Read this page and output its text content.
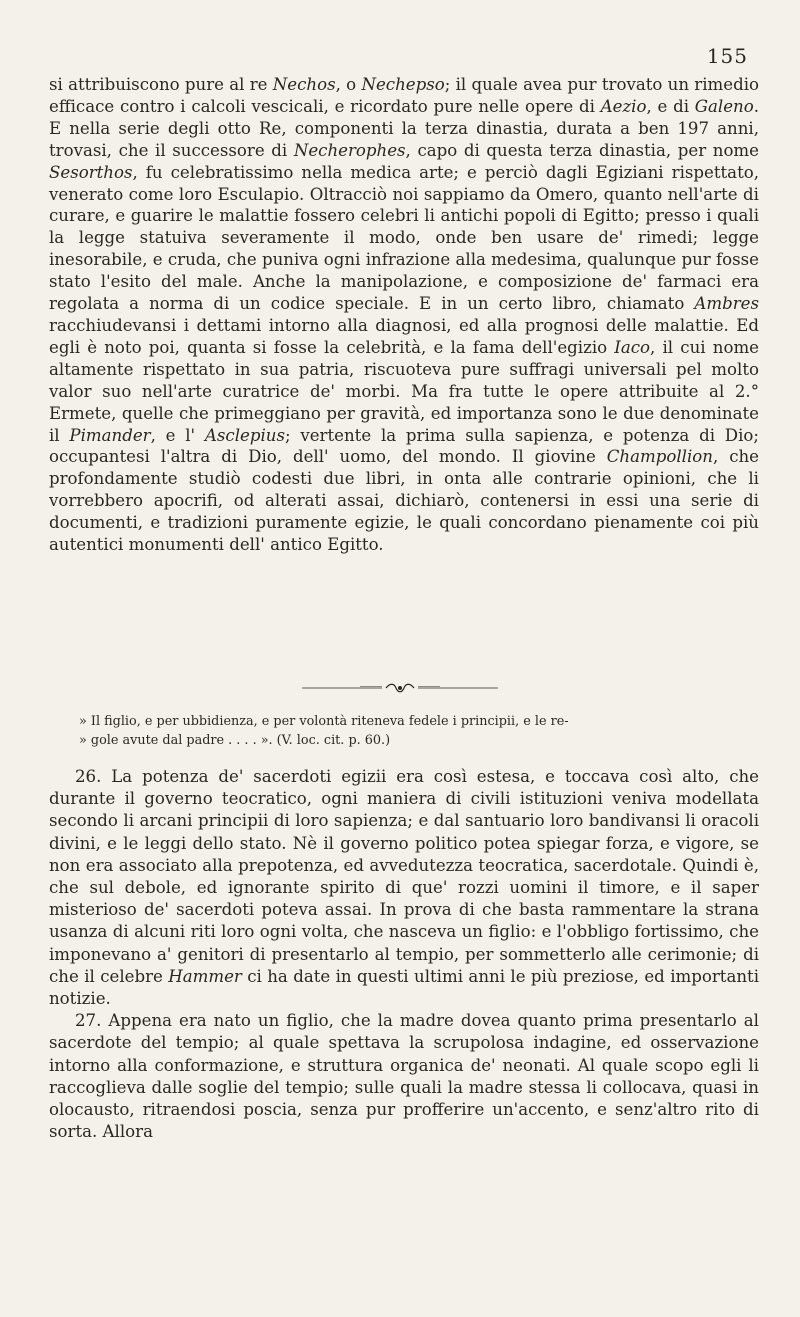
155

si attribuiscono pure al re Nechos, o Nechepso; il quale avea pur trovato un rimedio efficace contro i calcoli vescicali, e ricordato pure nelle opere di Aezio, e di Galeno. E nella serie degli otto Re, componenti la terza dinastia, durata a ben 197 anni, trovasi, che il successore di Necherophes, capo di questa terza dinastia, per nome Sesorthos, fu celebratissimo nella medica arte; e perciò dagli Egiziani rispettato, venerato come loro Esculapio. Oltracciò noi sappiamo da Omero, quanto nell'arte di curare, e guarire le malattie fossero celebri li antichi popoli di Egitto; presso i quali la legge statuiva severamente il modo, onde ben usare de' rimedi; legge inesorabile, e cruda, che puniva ogni infrazione alla medesima, qualunque pur fosse stato l'esito del male. Anche la manipolazione, e composizione de' farmaci era regolata a norma di un codice speciale. E in un certo libro, chiamato Ambres racchiudevansi i dettami intorno alla diagnosi, ed alla prognosi delle malattie. Ed egli è noto poi, quanta si fosse la celebrità, e la fama dell'egizio Iaco, il cui nome altamente rispettato in sua patria, riscuoteva pure suffragi universali pel molto valor suo nell'arte curatrice de' morbi. Ma fra tutte le opere attribuite al 2.° Ermete, quelle che primeggiano per gravità, ed importanza sono le due denominate il Pimander, e l' Asclepius; vertente la prima sulla sapienza, e potenza di Dio; occupantesi l'altra di Dio, dell' uomo, del mondo. Il giovine Champollion, che profondamente studiò codesti due libri, in onta alle contrarie opinioni, che li vorrebbero apocrifi, od alterati assai, dichiarò, contenersi in essi una serie di documenti, e tradizioni puramente egizie, le quali concordano pienamente coi più autentici monumenti dell' antico Egitto.

» Il figlio, e per ubbidienza, e per volontà riteneva fedele i principii, e le re-

» gole avute dal padre . . . . ». (V. loc. cit. p. 60.)

26. La potenza de' sacerdoti egizii era così estesa, e toccava così alto, che durante il governo teocratico, ogni maniera di civili istituzioni veniva modellata secondo li arcani principii di loro sapienza; e dal santuario loro bandivansi li oracoli divini, e le leggi dello stato. Nè il governo politico potea spiegar forza, e vigore, se non era associato alla prepotenza, ed avvedutezza teocratica, sacerdotale. Quindi è, che sul debole, ed ignorante spirito di que' rozzi uomini il timore, e il saper misterioso de' sacerdoti poteva assai. In prova di che basta rammentare la strana usanza di alcuni riti loro ogni volta, che nasceva un figlio: e l'obbligo fortissimo, che imponevano a' genitori di presentarlo al tempio, per sommetterlo alle cerimonie; di che il celebre Hammer ci ha date in questi ultimi anni le più preziose, ed importanti notizie.

27. Appena era nato un figlio, che la madre dovea quanto prima presentarlo al sacerdote del tempio; al quale spettava la scrupolosa indagine, ed osservazione intorno alla conformazione, e struttura organica de' neonati. Al quale scopo egli li raccoglieva dalle soglie del tempio; sulle quali la madre stessa li collocava, quasi in olocausto, ritraendosi poscia, senza pur profferire un'accento, e senz'altro rito di sorta. Allora
